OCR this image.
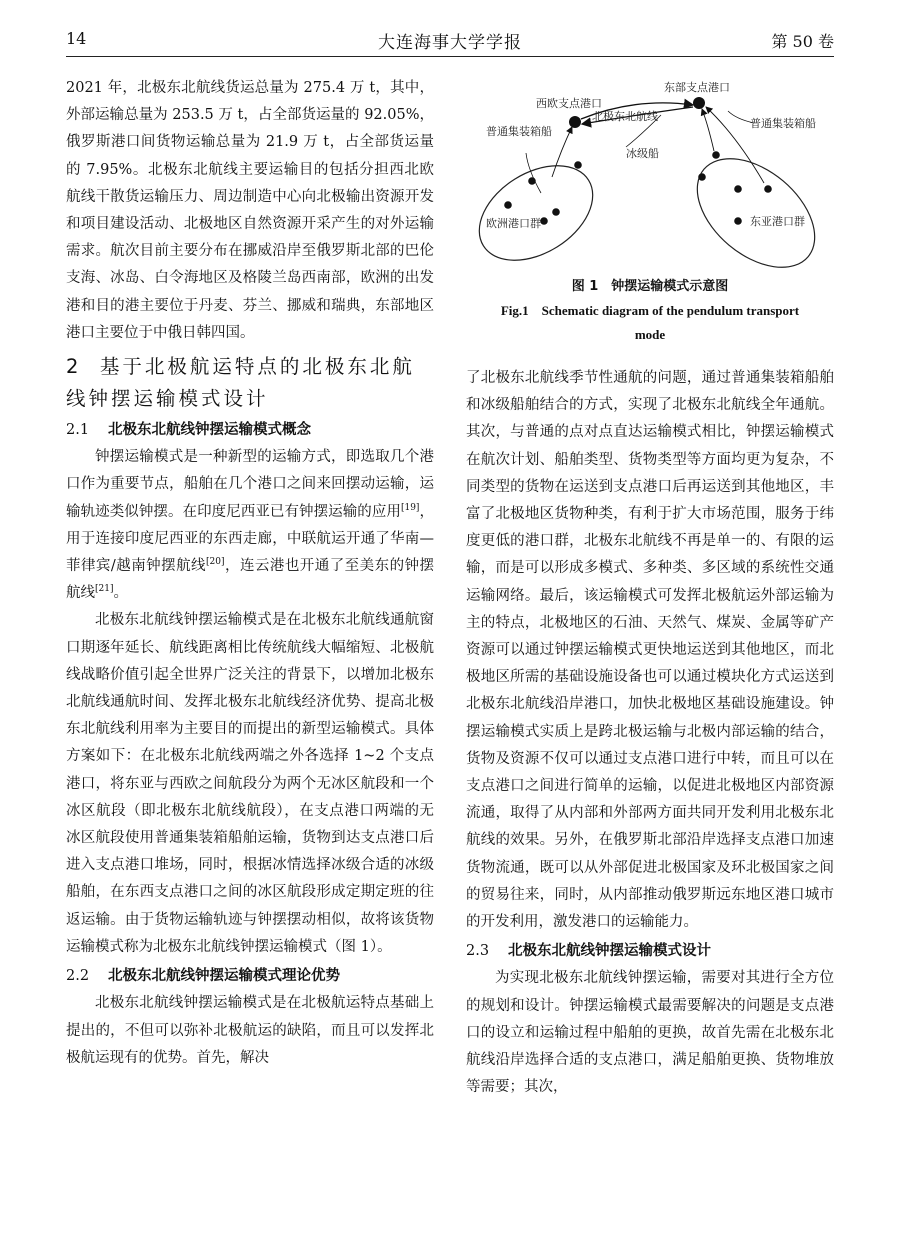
14	大连海事大学学报	第 50 卷

2021 年，北极东北航线货运总量为 275.4 万 t，其中，外部运输总量为 253.5 万 t，占全部货运量的 92.05%，俄罗斯港口间货物运输总量为 21.9 万 t，占全部货运量的 7.95%。北极东北航线主要运输目的包括分担西北欧航线干散货运输压力、周边制造中心向北极输出资源开发和项目建设活动、北极地区自然资源开采产生的对外运输需求。航次目前主要分布在挪威沿岸至俄罗斯北部的巴伦支海、冰岛、白令海地区及格陵兰岛西南部，欧洲的出发港和目的港主要位于丹麦、芬兰、挪威和瑞典，东部地区港口主要位于中俄日韩四国。

2 基于北极航运特点的北极东北航线钟摆运输模式设计
2.1 北极东北航线钟摆运输模式概念

钟摆运输模式是一种新型的运输方式，即选取几个港口作为重要节点，船舶在几个港口之间来回摆动运输，运输轨迹类似钟摆。在印度尼西亚已有钟摆运输的应用[19]，用于连接印度尼西亚的东西走廊，中联航运开通了华南—菲律宾/越南钟摆航线[20]，连云港也开通了至美东的钟摆航线[21]。

北极东北航线钟摆运输模式是在北极东北航线通航窗口期逐年延长、航线距离相比传统航线大幅缩短、北极航线战略价值引起全世界广泛关注的背景下，以增加北极东北航线通航时间、发挥北极东北航线经济优势、提高北极东北航线利用率为主要目的而提出的新型运输模式。具体方案如下：在北极东北航线两端之外各选择 1~2 个支点港口，将东亚与西欧之间航段分为两个无冰区航段和一个冰区航段（即北极东北航线航段），在支点港口两端的无冰区航段使用普通集装箱船舶运输，货物到达支点港口后进入支点港口堆场，同时，根据冰情选择冰级合适的冰级船舶，在东西支点港口之间的冰区航段形成定期定班的往返运输。由于货物运输轨迹与钟摆摆动相似，故将该货物运输模式称为北极东北航线钟摆运输模式（图 1）。

2.2 北极东北航线钟摆运输模式理论优势

北极东北航线钟摆运输模式是在北极航运特点基础上提出的，不但可以弥补北极航运的缺陷，而且可以发挥北极航运现有的优势。首先，解决

西欧支点港口
东部支点港口
北极东北航线
冰级船
普通集装箱船
普通集装箱船
欧洲港口群	东亚港口群
图 1　钟摆运输模式示意图
Fig.1　Schematic diagram of the pendulum transport mode

了北极东北航线季节性通航的问题，通过普通集装箱船舶和冰级船舶结合的方式，实现了北极东北航线全年通航。其次，与普通的点对点直达运输模式相比，钟摆运输模式在航次计划、船舶类型、货物类型等方面均更为复杂，不同类型的货物在运送到支点港口后再运送到其他地区，丰富了北极地区货物种类，有利于扩大市场范围，服务于纬度更低的港口群，北极东北航线不再是单一的、有限的运输，而是可以形成多模式、多种类、多区域的系统性交通运输网络。最后，该运输模式可发挥北极航运外部运输为主的特点，北极地区的石油、天然气、煤炭、金属等矿产资源可以通过钟摆运输模式更快地运送到其他地区，而北极地区所需的基础设施设备也可以通过模块化方式运送到北极东北航线沿岸港口，加快北极地区基础设施建设。钟摆运输模式实质上是跨北极运输与北极内部运输的结合，货物及资源不仅可以通过支点港口进行中转，而且可以在支点港口之间进行简单的运输，以促进北极地区内部资源流通，取得了从内部和外部两方面共同开发利用北极东北航线的效果。另外，在俄罗斯北部沿岸选择支点港口加速货物流通，既可以从外部促进北极国家及环北极国家之间的贸易往来，同时，从内部推动俄罗斯远东地区港口城市的开发利用，激发港口的运输能力。

2.3 北极东北航线钟摆运输模式设计

为实现北极东北航线钟摆运输，需要对其进行全方位的规划和设计。钟摆运输模式最需要解决的问题是支点港口的设立和运输过程中船舶的更换，故首先需在北极东北航线沿岸选择合适的支点港口，满足船舶更换、货物堆放等需要；其次，
